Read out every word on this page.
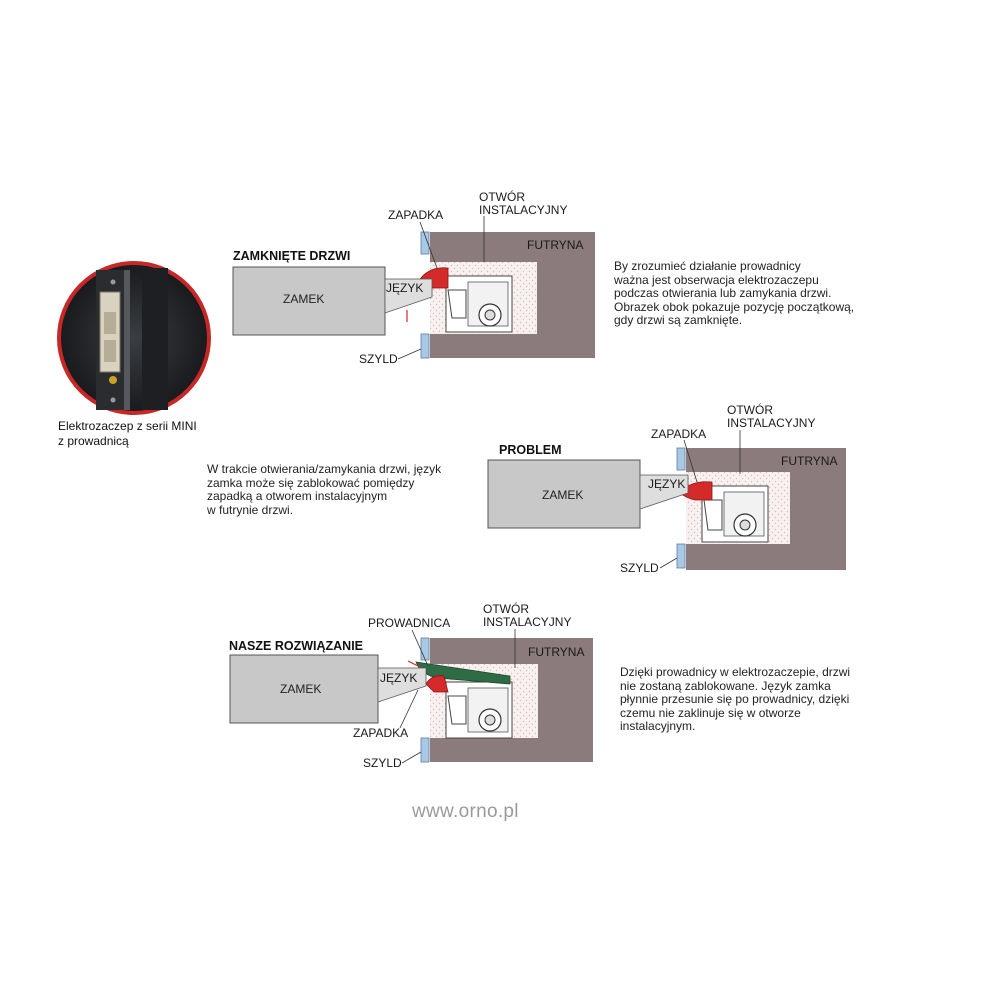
ZAMKNIĘTE DRZWI
FUTRYNA
ZAMEK
JĘZYK
ZAPADKA
OTWÓR
INSTALACYJNY
SZYLD
PROBLEM
FUTRYNA
ZAMEK
JĘZYK
ZAPADKA
OTWÓR
INSTALACYJNY
SZYLD
NASZE ROZWIĄZANIE	FUTRYNA
ZAMEK
JĘZYK
PROWADNICA
OTWÓR
INSTALACYJNY
ZAPADKA
SZYLD
By zrozumieć działanie prowadnicy
ważna jest obserwacja elektrozaczepu
podczas otwierania lub zamykania drzwi.
Obrazek obok pokazuje pozycję początkową,
gdy drzwi są zamknięte.
W trakcie otwierania/zamykania drzwi, język
zamka może się zablokować pomiędzy
zapadką a otworem instalacyjnym
w futrynie drzwi.
Dzięki prowadnicy w elektrozaczepie, drzwi
nie zostaną zablokowane. Język zamka
płynnie przesunie się po prowadnicy, dzięki
czemu nie zaklinuje się w otworze
instalacyjnym.
Elektrozaczep z serii MINI
z prowadnicą
www.orno.pl
